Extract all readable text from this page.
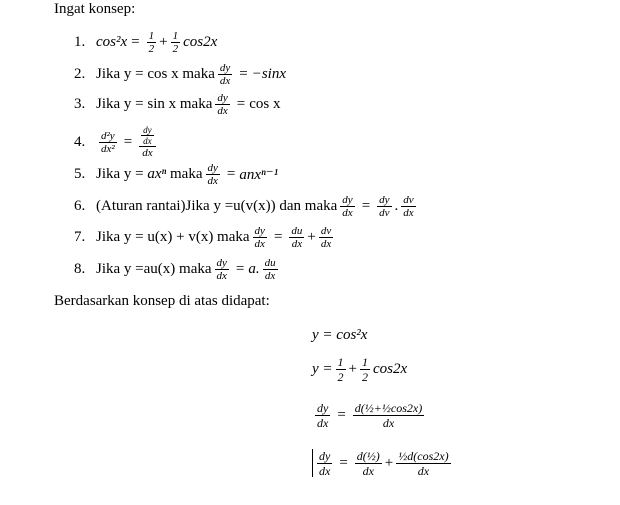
Ingat konsep:
1. $\cos^2x = \frac{1}{2} + \frac{1}{2} \cos 2x$
2. Jika y = cos x maka $\frac{dy}{dx} = -\sin x$
3. Jika y = sin x maka $\frac{dy}{dx} = \cos x$
4.	$\frac{\text{d²y}}{\text{dx²}} = \frac{\frac{dy}{dx}}{dx}$
5. Jika y =
axⁿ
maka $\frac{dy}{dx} = anx^{n-1}$
6. (Aturan rantai)Jika y =u(v(x)) dan maka $\frac{dy}{dx} = \frac{dy}{dv}$ . $\frac{dv}{dx}$
7. Jika y = u(x) + v(x) maka $\frac{dy}{dx} = \frac{du}{dx} + \frac{dv}{dx}$
8. Jika y =au(x) maka $\frac{dy}{dx} = a$. $\frac{du}{dx}$
Berdasarkan konsep di atas didapat:
y = cos²x
$y = \frac{1}{2} + \frac{1}{2} \cos 2x$
$\frac{dy}{dx} = \frac{\text{d(½+½cos2x)}}{dx}$
$\frac{dy}{dx} = \frac{\text{d(½)}}{dx} + \frac{\text{½d(cos2x)}}{dx}$
